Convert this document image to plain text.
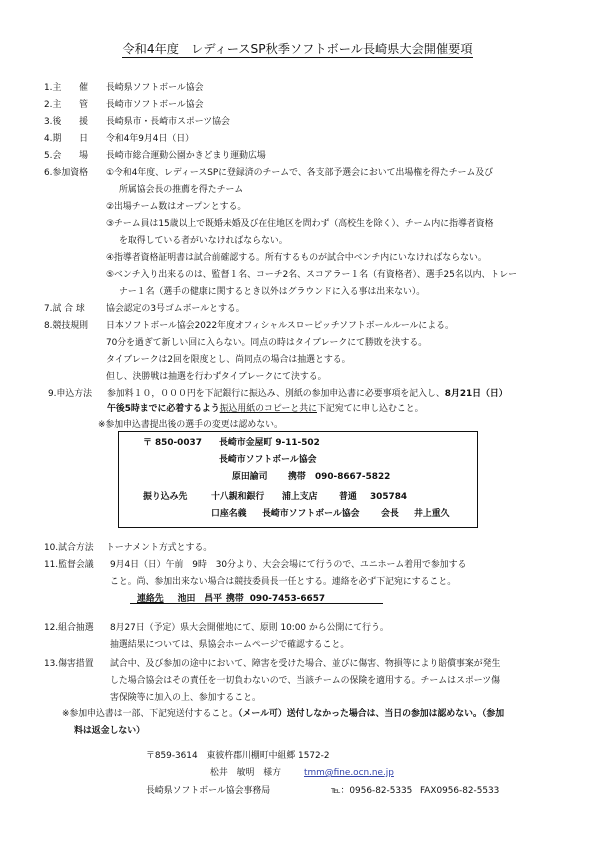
令和4年度　レディースSP秋季ソフトボール長崎県大会開催要項
1.主　　催 長崎県ソフトボール協会
2.主　　管 長崎市ソフトボール協会
3.後　　援 長崎県市・長崎市スポーツ協会
4.期　　日 令和4年9月4日（日）
5.会　　場 長崎市総合運動公園かきどまり運動広場
6.参加資格 ①令和4年度、レディースSPに登録済のチームで、各支部予選会において出場権を得たチーム及び
所属協会長の推薦を得たチーム
②出場チーム数はオープンとする。
③チーム員は15歳以上で既婚未婚及び在住地区を問わず（高校生を除く）、チーム内に指導者資格
を取得している者がいなければならない。
④指導者資格証明書は試合前確認する。所有するものが試合中ベンチ内にいなければならない。
⑤ベンチ入り出来るのは、監督１名、コーチ2名、スコアラー１名（有資格者）、選手25名以内、トレー
ナー１名（選手の健康に関するとき以外はグラウンドに入る事は出来ない）。
7.試 合 球 協会認定の3号ゴムボールとする。
8.競技規則 日本ソフトボール協会2022年度オフィシャルスローピッチソフトボールルールによる。
70分を過ぎて新しい回に入らない。同点の時はタイブレークにて勝敗を決する。
タイブレークは2回を限度とし、尚同点の場合は抽選とする。
但し、決勝戦は抽選を行わずタイブレークにて決する。
9.申込方法 参加料１０，０００円を下記銀行に振込み、別紙の参加申込書に必要事項を記入し、8月21日（日）
午後5時までに必着するよう振込用紙のコピーと共に下記宛てに申し込むこと。
※参加申込書提出後の選手の変更は認めない。
〒 850-0037 長崎市金屋町 9-11-502
長崎市ソフトボール協会
原田諭司 携帯 090-8667-5822
振り込み先	十八親和銀行 浦上支店 普通 305784
口座名義 長崎市ソフトボール協会 会長 井上重久
10.試合方法 トーナメント方式とする。
11.監督会議 9月4日（日）午前　9時　30分より、大会会場にて行うので、ユニホーム着用で参加する
こと。尚、参加出来ない場合は競技委員長一任とする。連絡を必ず下記宛にすること。
連絡先 池田　昌平 携帯 090-7453-6657
12.組合抽選 8月27日（予定）県大会開催地にて、原則 10:00 から公開にて行う。
抽選結果については、県協会ホームページで確認すること。
13.傷害措置 試合中、及び参加の途中において、障害を受けた場合、並びに傷害、物損等により賠償事案が発生
した場合協会はその責任を一切負わないので、当該チームの保険を適用する。チームはスポーツ傷
害保険等に加入の上、参加すること。
※参加申込書は一部、下記宛送付すること。（メール可）送付しなかった場合は、当日の参加は認めない。（参加
料は返金しない）
〒859-3614　東彼杵郡川棚町中組郷 1572-2
松井　敏明　様方	tmm@fine.ocn.ne.jp
長崎県ソフトボール協会事務局	℡：0956-82-5335 FAX0956-82-5533
